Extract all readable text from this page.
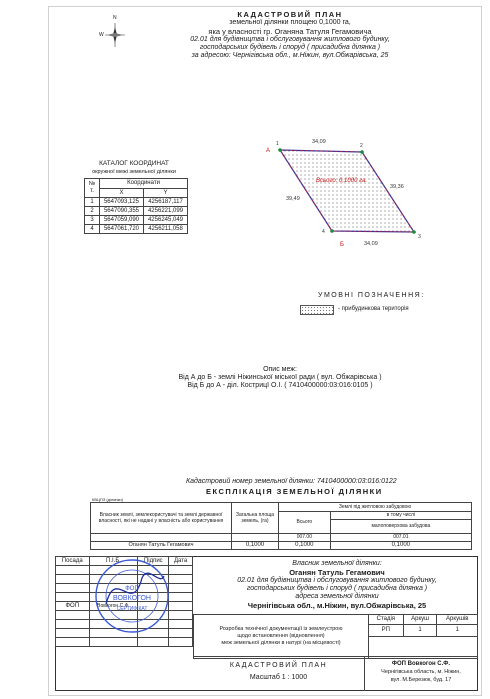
N
W
КАДАСТРОВИЙ ПЛАН
земельної ділянки площею 0,1000 га,
яка у власності гр. Оганяна Татуля Гегамовича
02.01 для будівництва і обслуговування житлового будинку,
господарських будівель і споруд ( присадибна ділянка )
за адресою: Чернігівська обл., м.Ніжин, вул.Обжарівська, 25
A
1	2
3
4
Б
34,09
39,36
34,09
39,49
Всього: 0,1000 га.
КАТАЛОГ КООРДИНАТ
окружної межі земельної ділянки
№ т.	Координати	
	X	Y
1	5647093,125	4256187,117
2	5647090,355	4256221,099
3	5647059,090	4256245,049
4	5647061,720	4256211,058
УМОВНІ ПОЗНАЧЕННЯ:
- прибудинкова територія
Опис меж:
Від А до Б - землі Ніжинської міської ради ( вул. Обжарівська )
Від Б до А - діл. Кострицї О.І. ( 7410400000:03:016:0105 )
Кадастровий номер земельної ділянки: 7410400000:03:016:0122
ЕКСПЛІКАЦІЯ ЗЕМЕЛЬНОЇ ДІЛЯНКИ
КВЦПЗ (ділянки)
Власник землі, землекористувачі та землі державної власності, які не надані у власність або користування	Загальна площа земель, (га)	Землі під житловою забудовою	
		Всього	в тому числі
			малоповерхова забудова
		007.00	007.01
Оганян Татуль Гегамович	0,1000	0,1000	0,1000
Посада	П.І.Б.	Підпис	Дата

ФОП	Вовкогон С.Ф.		

ФОП
ВОВКОГОН
СЕРТИФІКАТ
Власник земельної ділянки:
Оганян Татуль Гегамович
02.01 для будівництва і обслуговування житлового будинку,
господарських будівель і споруд ( присадибна ділянка )
адреса земельної ділянки
Чернігівська обл., м.Ніжин, вул.Обжарівська, 25
Розробка технічної документації із землеустрою
щодо встановлення (відновлення)
меж земельної ділянки в натурі (на місцевості)	Стадія	Аркуш	Аркушів
	РП	1	1

КАДАСТРОВИЙ ПЛАН
Масштаб 1 : 1000
ФОП Вовкогон С.Ф.
Чернігівська область, м. Ніжин,
вул. М.Березюк, буд. 17
